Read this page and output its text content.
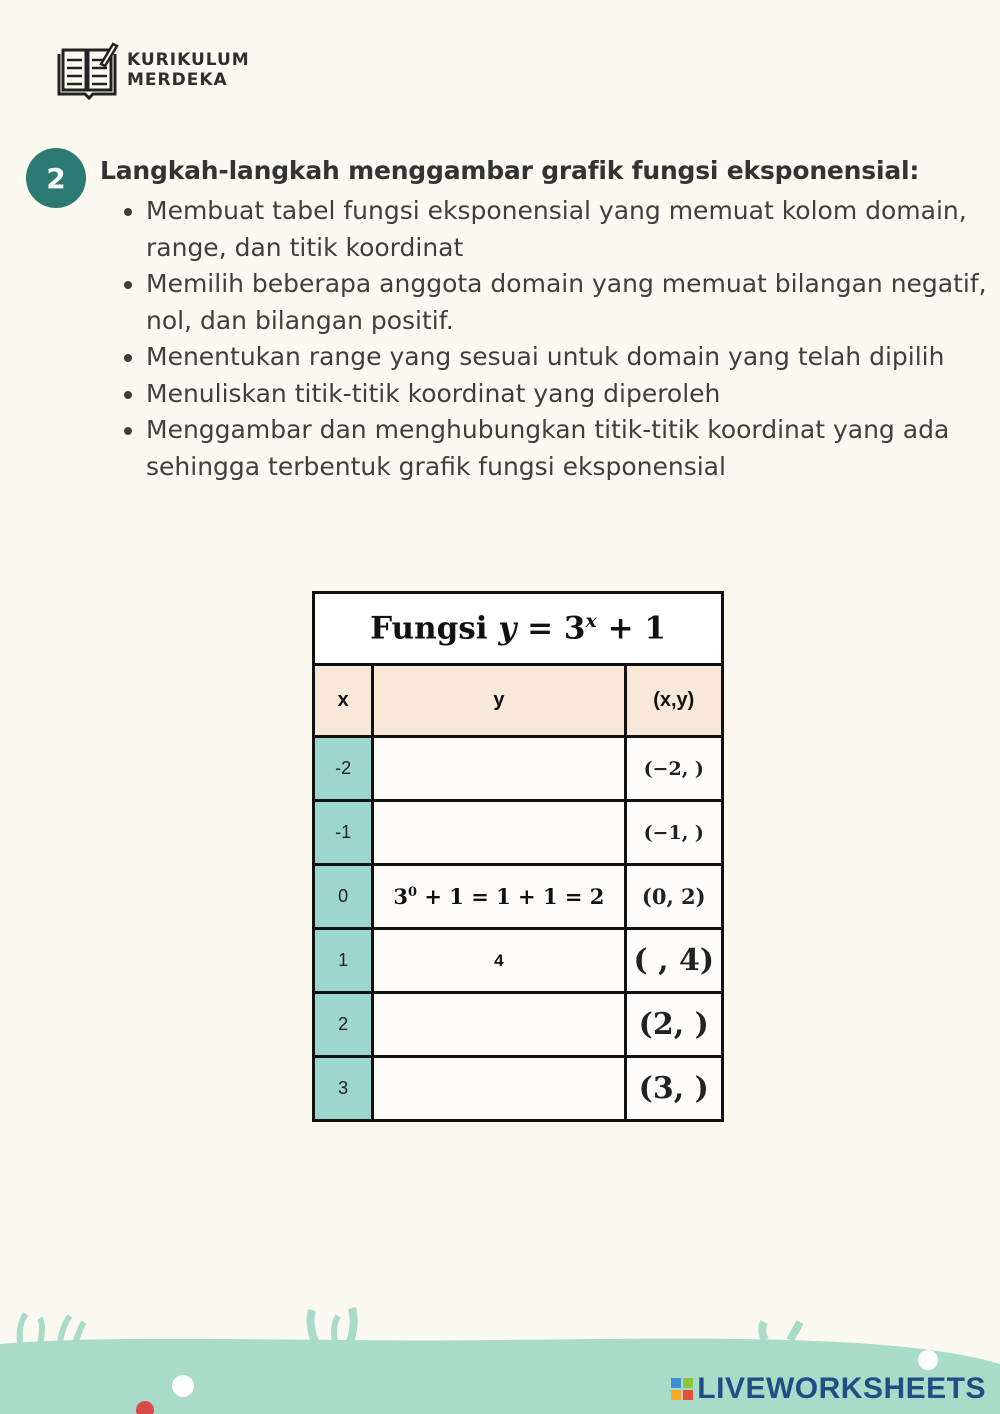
KURIKULUM
MERDEKA
2	Langkah-langkah menggambar grafik fungsi eksponensial:
• Membuat tabel fungsi eksponensial yang memuat kolom domain, range, dan titik koordinat
• Memilih beberapa anggota domain yang memuat bilangan negatif, nol, dan bilangan positif.
• Menentukan range yang sesuai untuk domain yang telah dipilih
• Menuliskan titik-titik koordinat yang diperoleh
• Menggambar dan menghubungkan titik-titik koordinat yang ada sehingga terbentuk grafik fungsi eksponensial
Fungsi $y = 3^x + 1$		
x	y	(x,y)
-2		(−2, )
-1		(−1, )
0	$3^0 + 1 = 1 + 1 = 2$	(0, 2)
1	4	( , 4)
2		(2, )
3		(3, )
LIVEWORKSHEETS
